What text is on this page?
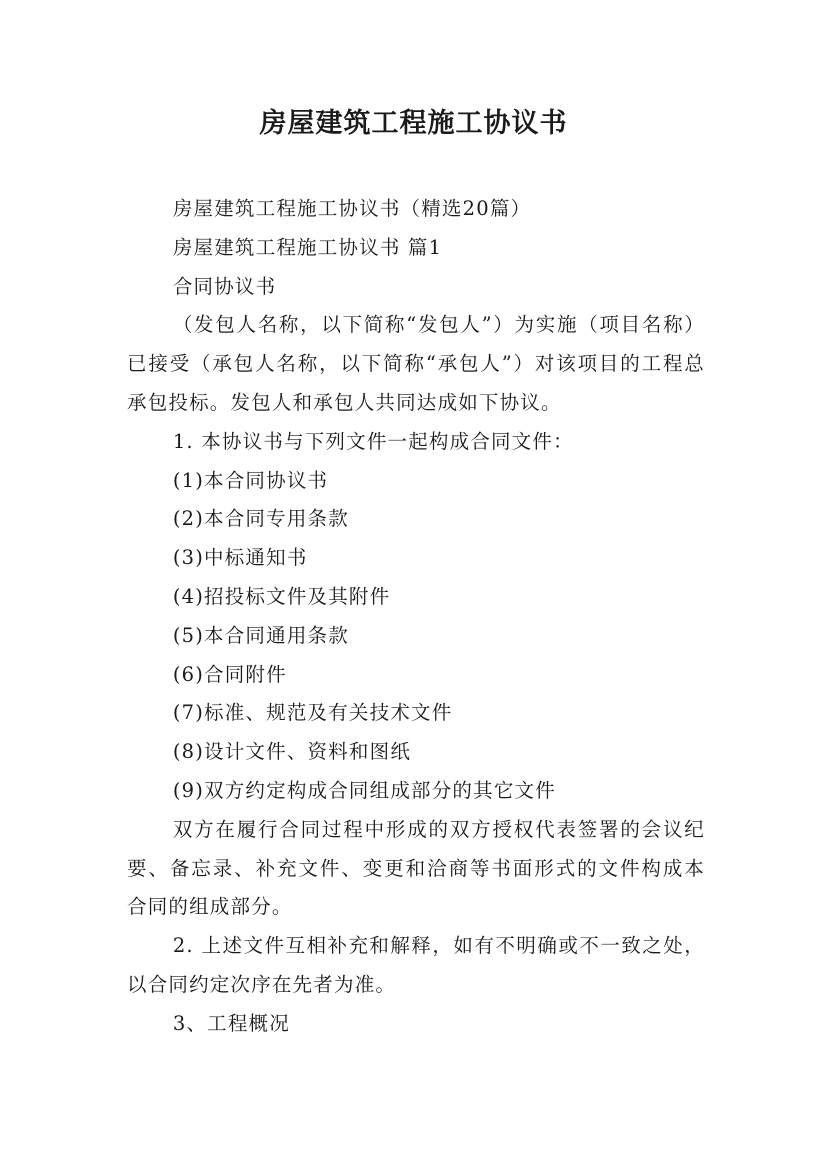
房屋建筑工程施工协议书

房屋建筑工程施工协议书（精选20篇）

房屋建筑工程施工协议书 篇1

合同协议书

（发包人名称，以下简称“发包人”）为实施（项目名称）已接受（承包人名称，以下简称“承包人”）对该项目的工程总承包投标。发包人和承包人共同达成如下协议。

1. 本协议书与下列文件一起构成合同文件：

(1)本合同协议书

(2)本合同专用条款

(3)中标通知书

(4)招投标文件及其附件

(5)本合同通用条款

(6)合同附件

(7)标准、规范及有关技术文件

(8)设计文件、资料和图纸

(9)双方约定构成合同组成部分的其它文件

双方在履行合同过程中形成的双方授权代表签署的会议纪要、备忘录、补充文件、变更和洽商等书面形式的文件构成本合同的组成部分。

2. 上述文件互相补充和解释，如有不明确或不一致之处，以合同约定次序在先者为准。

3、工程概况
